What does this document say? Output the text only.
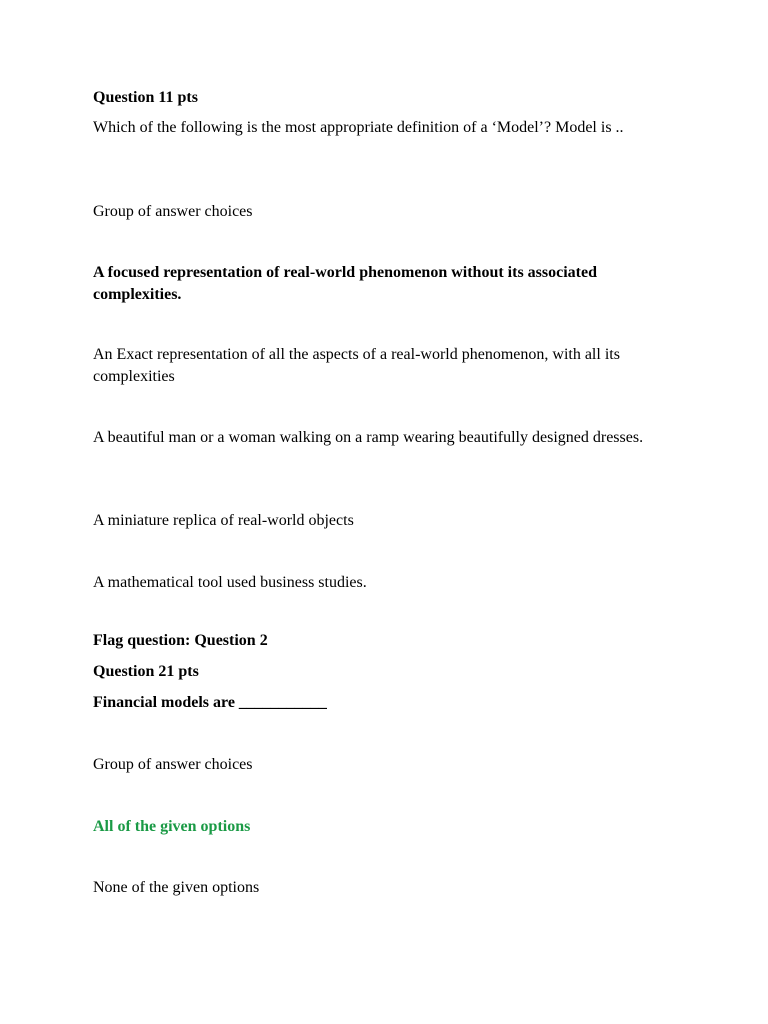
Question 11 pts

Which of the following is the most appropriate definition of a ‘Model’? Model is ..

Group of answer choices

A focused representation of real-world phenomenon without its associated complexities.

An Exact representation of all the aspects of a real-world phenomenon, with all its complexities

A beautiful man or a woman walking on a ramp wearing beautifully designed dresses.

A miniature replica of real-world objects

A mathematical tool used business studies.

Flag question: Question 2

Question 21 pts

Financial models are ___________

Group of answer choices

All of the given options

None of the given options
